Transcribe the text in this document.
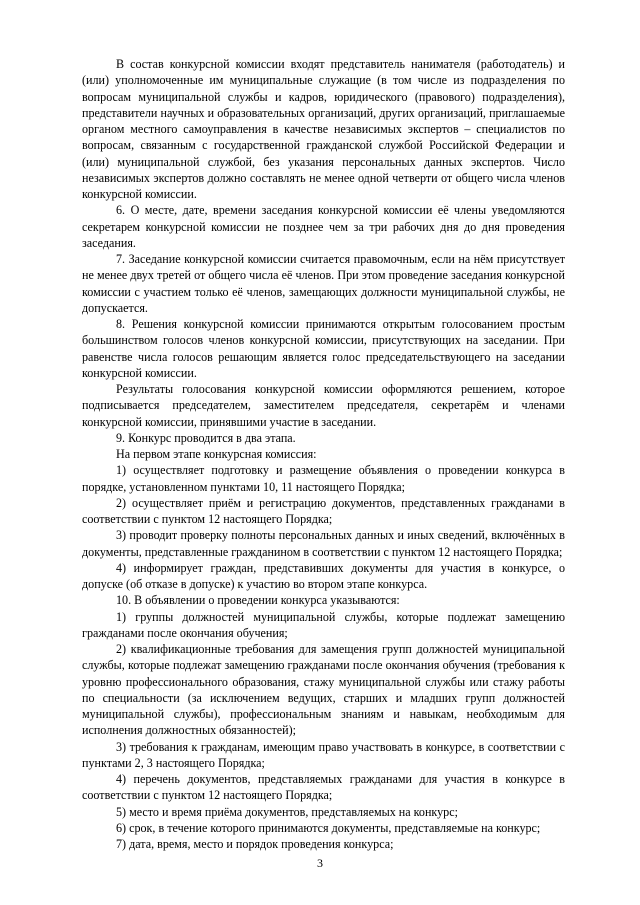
В состав конкурсной комиссии входят представитель нанимателя (работодатель) и (или) уполномоченные им муниципальные служащие (в том числе из подразделения по вопросам муниципальной службы и кадров, юридического (правового) подразделения), представители научных и образовательных организаций, других организаций, приглашаемые органом местного самоуправления в качестве независимых экспертов – специалистов по вопросам, связанным с государственной гражданской службой Российской Федерации и (или) муниципальной службой, без указания персональных данных экспертов. Число независимых экспертов должно составлять не менее одной четверти от общего числа членов конкурсной комиссии.

6. О месте, дате, времени заседания конкурсной комиссии её члены уведомляются секретарем конкурсной комиссии не позднее чем за три рабочих дня до дня проведения заседания.

7. Заседание конкурсной комиссии считается правомочным, если на нём присутствует не менее двух третей от общего числа её членов. При этом проведение заседания конкурсной комиссии с участием только её членов, замещающих должности муниципальной службы, не допускается.

8. Решения конкурсной комиссии принимаются открытым голосованием простым большинством голосов членов конкурсной комиссии, присутствующих на заседании. При равенстве числа голосов решающим является голос председательствующего на заседании конкурсной комиссии.

Результаты голосования конкурсной комиссии оформляются решением, которое подписывается председателем, заместителем председателя, секретарём и членами конкурсной комиссии, принявшими участие в заседании.

9. Конкурс проводится в два этапа.

На первом этапе конкурсная комиссия:

1) осуществляет подготовку и размещение объявления о проведении конкурса в порядке, установленном пунктами 10, 11 настоящего Порядка;

2) осуществляет приём и регистрацию документов, представленных гражданами в соответствии с пунктом 12 настоящего Порядка;

3) проводит проверку полноты персональных данных и иных сведений, включённых в документы, представленные гражданином в соответствии с пунктом 12 настоящего Порядка;

4) информирует граждан, представивших документы для участия в конкурсе, о допуске (об отказе в допуске) к участию во втором этапе конкурса.

10. В объявлении о проведении конкурса указываются:

1) группы должностей муниципальной службы, которые подлежат замещению гражданами после окончания обучения;

2) квалификационные требования для замещения групп должностей муниципальной службы, которые подлежат замещению гражданами после окончания обучения (требования к уровню профессионального образования, стажу муниципальной службы или стажу работы по специальности (за исключением ведущих, старших и младших групп должностей муниципальной службы), профессиональным знаниям и навыкам, необходимым для исполнения должностных обязанностей);

3) требования к гражданам, имеющим право участвовать в конкурсе, в соответствии с пунктами 2, 3 настоящего Порядка;

4) перечень документов, представляемых гражданами для участия в конкурсе в соответствии с пунктом 12 настоящего Порядка;

5) место и время приёма документов, представляемых на конкурс;

6) срок, в течение которого принимаются документы, представляемые на конкурс;

7) дата, время, место и порядок проведения конкурса;

3
